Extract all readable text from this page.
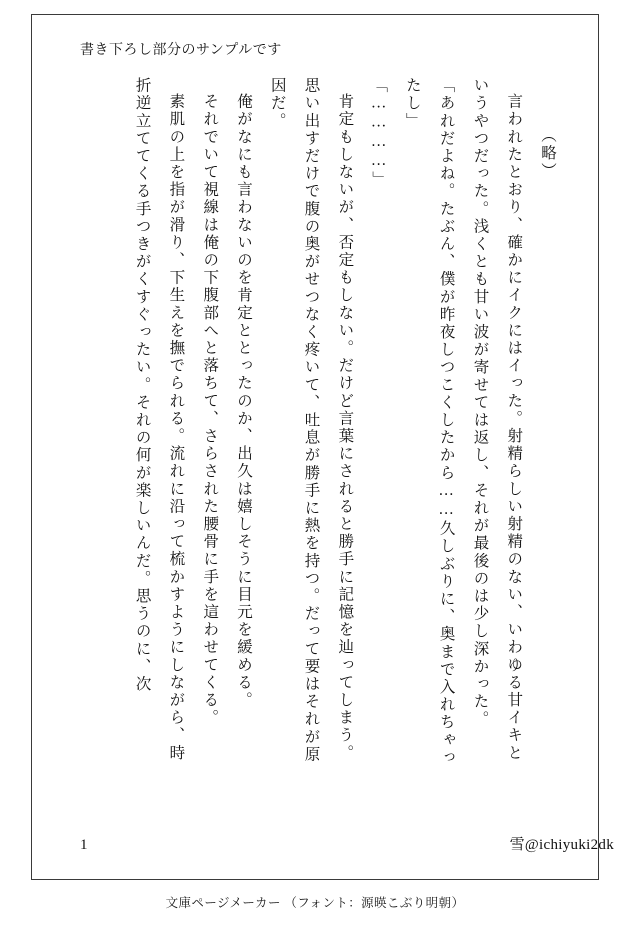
書き下ろし部分のサンプルです

（略）

言われたとおり、確かにイクにはイった。射精らしい射精のない、いわゆる甘イキというやつだった。浅くとも甘い波が寄せては返し、それが最後のは少し深かった。

「あれだよね。たぶん、僕が昨夜しつこくしたから……久しぶりに、奥まで入れちゃったし」

「…………」

肯定もしないが、否定もしない。だけど言葉にされると勝手に記憶を辿ってしまう。思い出すだけで腹の奥がせつなく疼いて、吐息が勝手に熱を持つ。だって要はそれが原因だ。

俺がなにも言わないのを肯定ととったのか、出久は嬉しそうに目元を緩める。

それでいて視線は俺の下腹部へと落ちて、さらされた腰骨に手を這わせてくる。

素肌の上を指が滑り、下生えを撫でられる。流れに沿って梳かすようにしながら、時折逆立ててくる手つきがくすぐったい。それの何が楽しいんだ。思うのに、次

1	雪@ichiyuki2dk
文庫ページメーカー （フォント：源暎こぶり明朝）
